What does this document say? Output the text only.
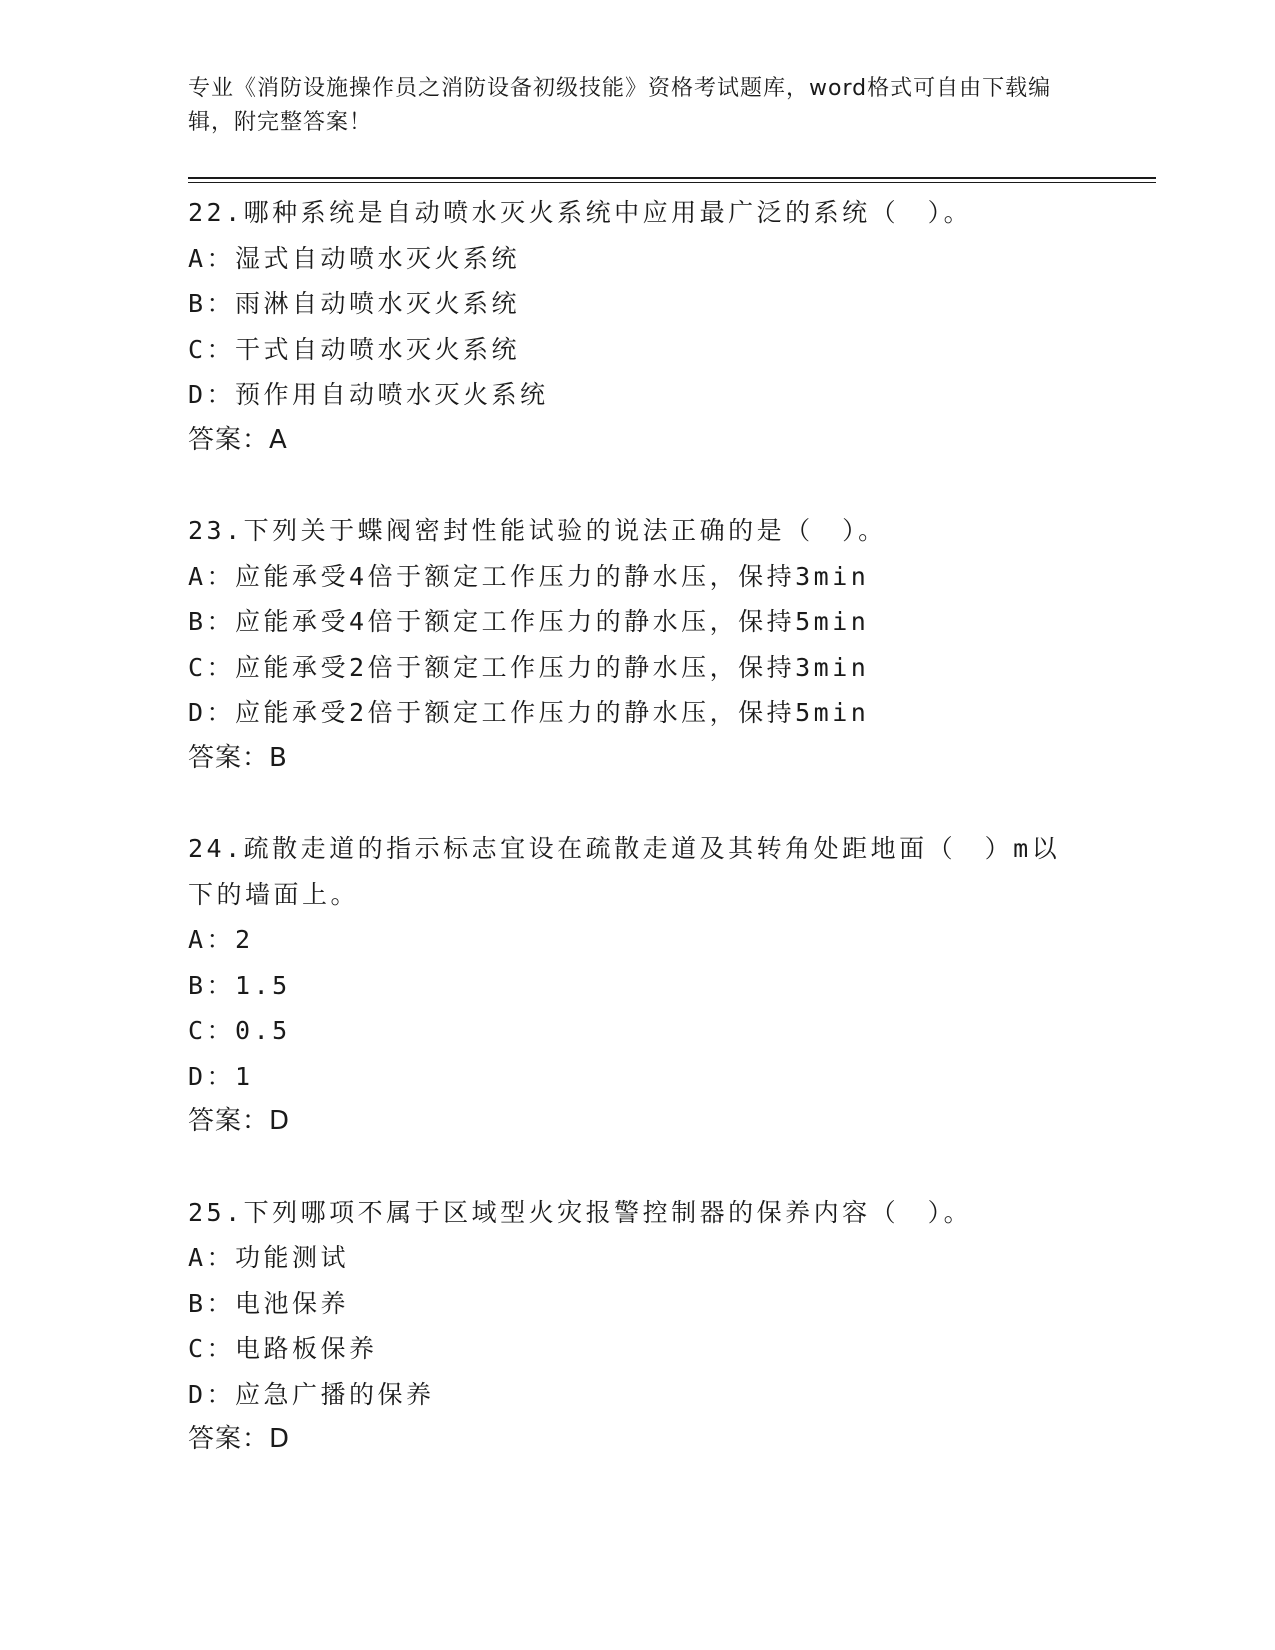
专业《消防设施操作员之消防设备初级技能》资格考试题库，word格式可自由下载编辑，附完整答案！
22.哪种系统是自动喷水灭火系统中应用最广泛的系统（　）。
A：湿式自动喷水灭火系统
B：雨淋自动喷水灭火系统
C：干式自动喷水灭火系统
D：预作用自动喷水灭火系统
答案：A
23.下列关于蝶阀密封性能试验的说法正确的是（　）。
A：应能承受4倍于额定工作压力的静水压，保持3min
B：应能承受4倍于额定工作压力的静水压，保持5min
C：应能承受2倍于额定工作压力的静水压，保持3min
D：应能承受2倍于额定工作压力的静水压，保持5min
答案：B
24.疏散走道的指示标志宜设在疏散走道及其转角处距地面（　）m以下的墙面上。
A：2
B：1.5
C：0.5
D：1
答案：D
25.下列哪项不属于区域型火灾报警控制器的保养内容（　）。
A：功能测试
B：电池保养
C：电路板保养
D：应急广播的保养
答案：D
